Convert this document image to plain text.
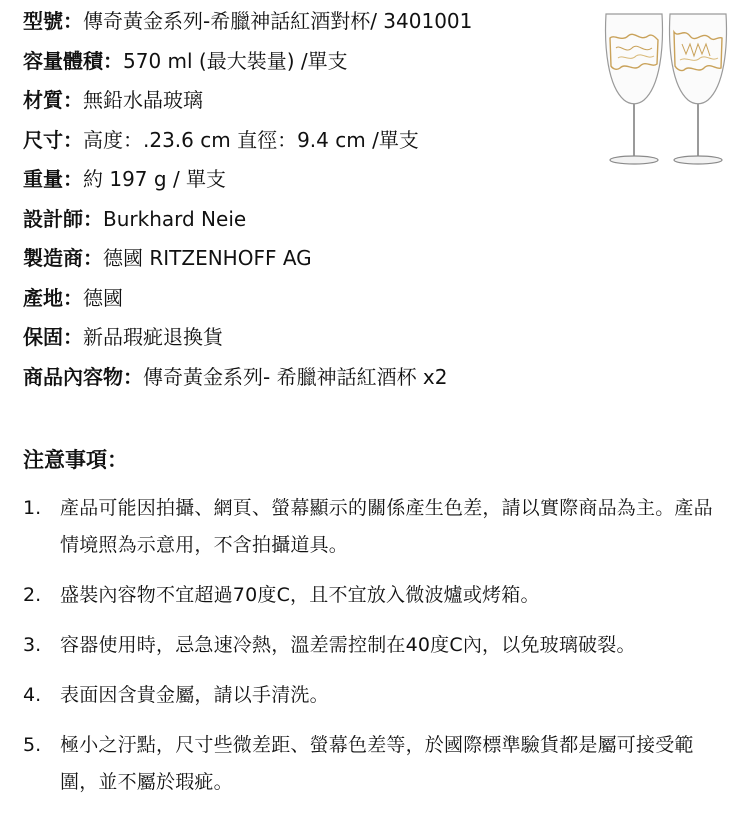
型號：傳奇黃金系列-希臘神話紅酒對杯/ 3401001
容量體積：570 ml (最大裝量) /單支
材質：無鉛水晶玻璃
尺寸：高度：.23.6 cm 直徑：9.4 cm /單支
重量：約 197 g / 單支
設計師：Burkhard Neie
製造商：德國 RITZENHOFF AG
產地：德國
保固：新品瑕疵退換貨
商品內容物：傳奇黃金系列- 希臘神話紅酒杯 x2
注意事項：
1. 產品可能因拍攝、網頁、螢幕顯示的關係產生色差，請以實際商品為主。產品情境照為示意用，不含拍攝道具。
2. 盛裝內容物不宜超過70度C，且不宜放入微波爐或烤箱。
3. 容器使用時，忌急速冷熱，溫差需控制在40度C內，以免玻璃破裂。
4. 表面因含貴金屬，請以手清洗。
5. 極小之汙點，尺寸些微差距、螢幕色差等，於國際標準驗貨都是屬可接受範圍，並不屬於瑕疵。
